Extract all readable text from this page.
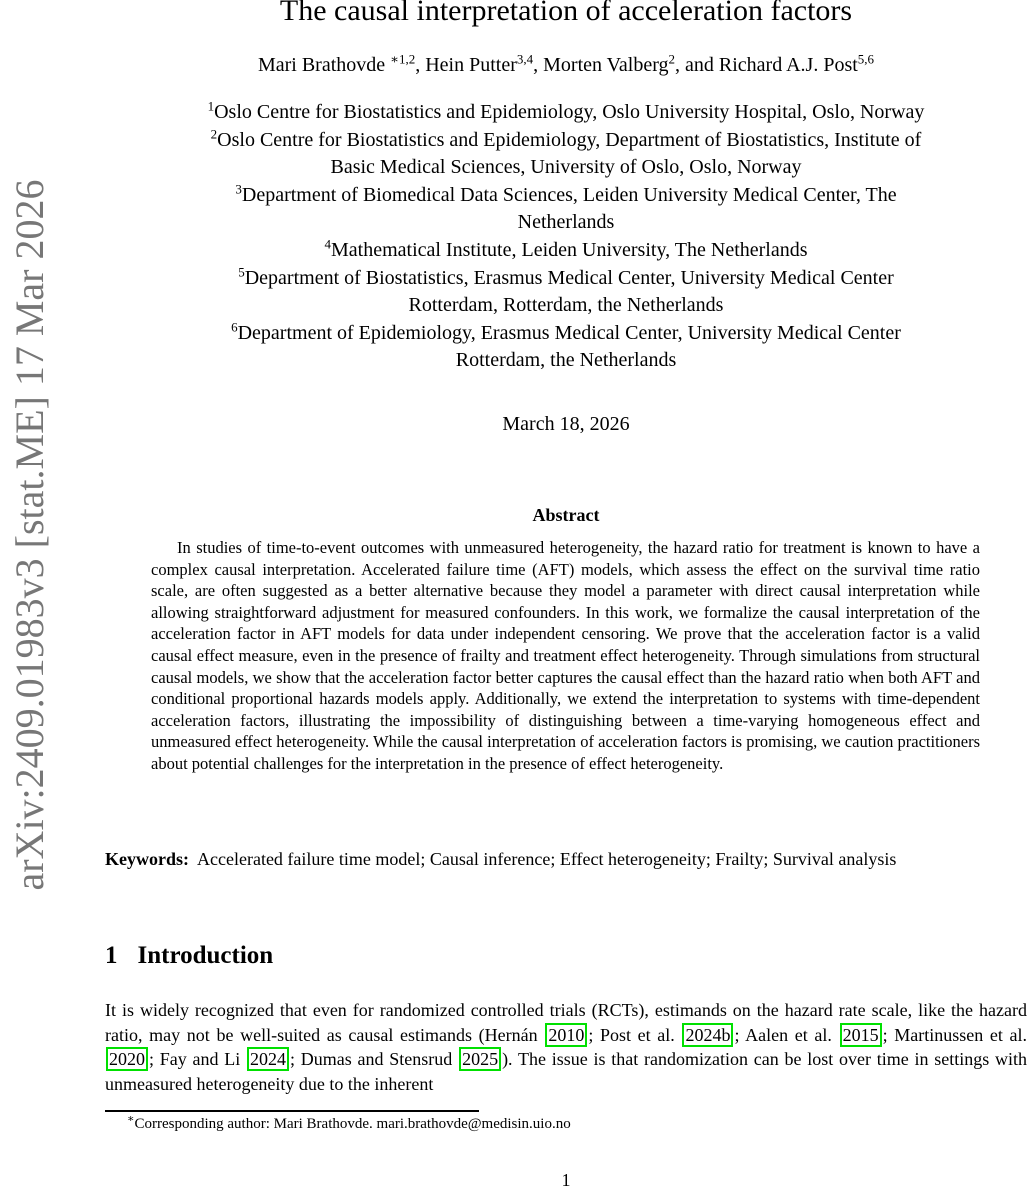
arXiv:2409.01983v3 [stat.ME] 17 Mar 2026
The causal interpretation of acceleration factors
Mari Brathovde $^{∗1,2}$, Hein Putter$^{3,4}$, Morten Valberg$^2$, and Richard A.J. Post$^{5,6}$
$^1$Oslo Centre for Biostatistics and Epidemiology, Oslo University Hospital, Oslo, Norway
$^2$Oslo Centre for Biostatistics and Epidemiology, Department of Biostatistics, Institute of
Basic Medical Sciences, University of Oslo, Oslo, Norway
$^3$Department of Biomedical Data Sciences, Leiden University Medical Center, The
Netherlands
$^4$Mathematical Institute, Leiden University, The Netherlands
$^5$Department of Biostatistics, Erasmus Medical Center, University Medical Center
Rotterdam, Rotterdam, the Netherlands
$^6$Department of Epidemiology, Erasmus Medical Center, University Medical Center
Rotterdam, the Netherlands
March 18, 2026
Abstract
In studies of time-to-event outcomes with unmeasured heterogeneity, the hazard ratio for treatment is known to have a complex causal interpretation. Accelerated failure time (AFT) models, which assess the effect on the survival time ratio scale, are often suggested as a better alternative because they model a parameter with direct causal interpretation while allowing straightforward adjustment for measured confounders. In this work, we formalize the causal interpretation of the acceleration factor in AFT models for data under independent censoring. We prove that the acceleration factor is a valid causal effect measure, even in the presence of frailty and treatment effect heterogeneity. Through simulations from structural causal models, we show that the acceleration factor better captures the causal effect than the hazard ratio when both AFT and conditional proportional hazards models apply. Additionally, we extend the interpretation to systems with time-dependent acceleration factors, illustrating the impossibility of distinguishing between a time-varying homogeneous effect and unmeasured effect heterogeneity. While the causal interpretation of acceleration factors is promising, we caution practitioners about potential challenges for the interpretation in the presence of effect heterogeneity.
Keywords: Accelerated failure time model; Causal inference; Effect heterogeneity; Frailty; Survival analysis
1 Introduction

It is widely recognized that even for randomized controlled trials (RCTs), estimands on the hazard rate scale, like the hazard ratio, may not be well-suited as causal estimands (Hernán 2010 ; Post et al. 2024b ; Aalen et al. 2015 ; Martinussen et al. 2020 ; Fay and Li 2024 ; Dumas and Stensrud 2025 ). The issue is that randomization can be lost over time in settings with unmeasured heterogeneity due to the inherent

∗Corresponding author: Mari Brathovde. mari.brathovde@medisin.uio.no
1
